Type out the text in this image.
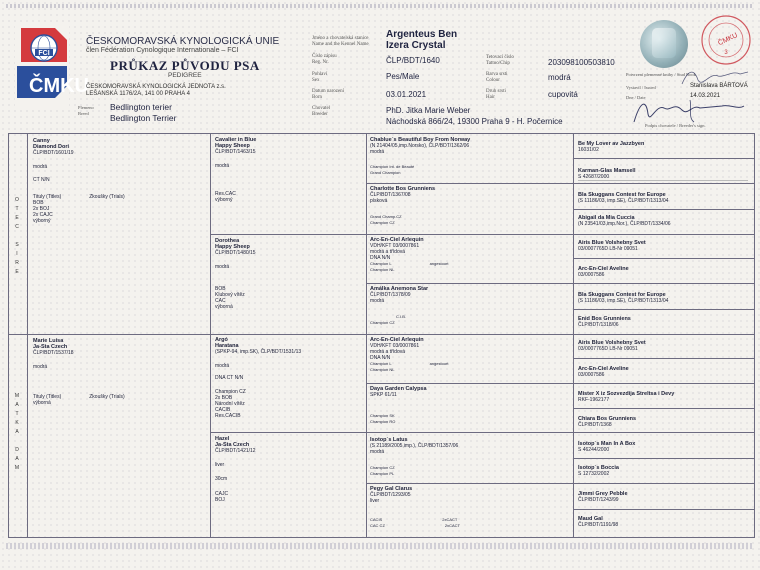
FCI
ČMKU
ČESKOMORAVSKÁ KYNOLOGICKÁ UNIE
člen Fédération Cynologique Internationale – FCI
PRŮKAZ PŮVODU PSA
PEDIGREE
ČESKOMORAVSKÁ KYNOLOGICKÁ JEDNOTA z.s.
LEŠANSKÁ 1176/2A, 141 00 PRAHA 4
Plemeno
Breed
Bedlington terier
Bedlington Terrier
Jméno a chovatelská stanice
Name and the Kennel Name
Argenteus Ben
Izera Crystal
Číslo zápisu
Reg. Nr.	ČLP/BDT/1640
Pohlaví
Sex	Pes/Male
Datum narození
Born	03.01.2021
Chovatel
Breeder	PhD. Jitka Marie Weber
Náchodská 866/24, 19300 Praha 9 - H. Počernice
Tetovací číslo
Tattoo/Chip	203098100503810
Barva srsti
Colour	modrá
Druh srsti
Hair	cupovitá
ČMKU
3
Potvrzení plemenné knihy / Stud Book
Vystavil / Issued	Stanislava BÁRTOVÁ
Dne / Date	14.03.2021
Podpis chovatele / Breeder's sign.
O
T
E
C
S
I
R
E
M
A
T
K
A
D
A
M
Canny
Diamond Dori
ČLP/BDT/1601/19
modrá
CT N/N
Tituly (Titles)	Zkoušky (Trials)
BOB
2x BOJ
2x CAJC
výborný
Marie Luisa
Ja-Sta Czech
ČLP/BDT/1537/18
modrá
Tituly (Titles)	Zkoušky (Trials)
výborná
Cavalier in Blue
Happy Sheep
ČLP/BDT/1463/15
modrá
Res.CAC
výborný
Dorothea
Happy Sheep
ČLP/BDT/1480/15
modrá
BOB
Klubový vítěz
CAC
výborná
Argó
Haratana
(SPKP-94, imp.SK), ČLP/BDT/1531/13
modrá
DNA CT N/N
Champion CZ
2x BOB
Národní vítěz
CACIB
Res.CACIB
Hazel
Ja-Sta Czech
ČLP/BDT/1421/12
liver
30cm
CAJC
BOJ
Chablue´s Beautiful Boy From Norway
(N 21404/05,imp.Norsko), ČLP/BDT/1362/06
modrá
Champion Int. de Beauté
Grand Champion
Charlotte Bos Grunniens
ČLP/BDT/1367/08
písková
Grand Champ.CZ
Champion CZ
Arc-En-Ciel Arlequin
VDH/KFT 03/0007861
modrá a třídová
DNA N/N
Champion L	angestoort
Champion NL
Amálka Anemona Star
ČLP/BDT/1378/09
modrá
C.I.B.
Champion CZ
Arc-En-Ciel Arlequin
VDH/KFT 03/0007861
modrá a třídová
DNA N/N
Champion L	angestoort
Champion NL
Daya Garden Calypsa
SPKP 61/11
Champion SK
Champion RO
Isotop´s Latus
(S 21189/2005,imp.), ČLP/BDT/1357/06
modrá
Champion CZ
Champion PL
Pegy Gal Clarus
ČLP/BDT/1293/05
liver
CACIS	2xCACT
CAC CZ	2xCACT
Be My Lover av Jazzbyen
16031/02
Karman-Glas Mamsell
S 42687/2000
Bla Skuggans Contest for Europe
(S 11186/03, imp.SE), ČLP/BDT/1313/04
Abigail da Mia Cuccia
(N 23541/03,imp.Nor.), ČLP/BDT/1334/06
Airis Blue Volshebny Svet
03/0007765D LB-Nr 09051
Arc-En-Ciel Aveline
03/0007586
Bla Skuggans Contest for Europe
(S 11186/03, imp.SE), ČLP/BDT/1313/04
Enid Bos Grunniens
ČLP/BDT/1318/06
Airis Blue Volshebny Svet
03/0007765D LB-Nr 09051
Arc-En-Ciel Aveline
03/0007586
Mister X iz Sozvezdija Streltsa i Devy
RKF-1962177
Chiara Bos Grunniens
ČLP/BDT/1368
Isotop´s Man In A Box
S 46244/2000
Isotop´s Boccia
S 12732/2002
Jimmi Grey Pebble
ČLP/BDT/1243/99
Maud Gal
ČLP/BDT/1191/98
